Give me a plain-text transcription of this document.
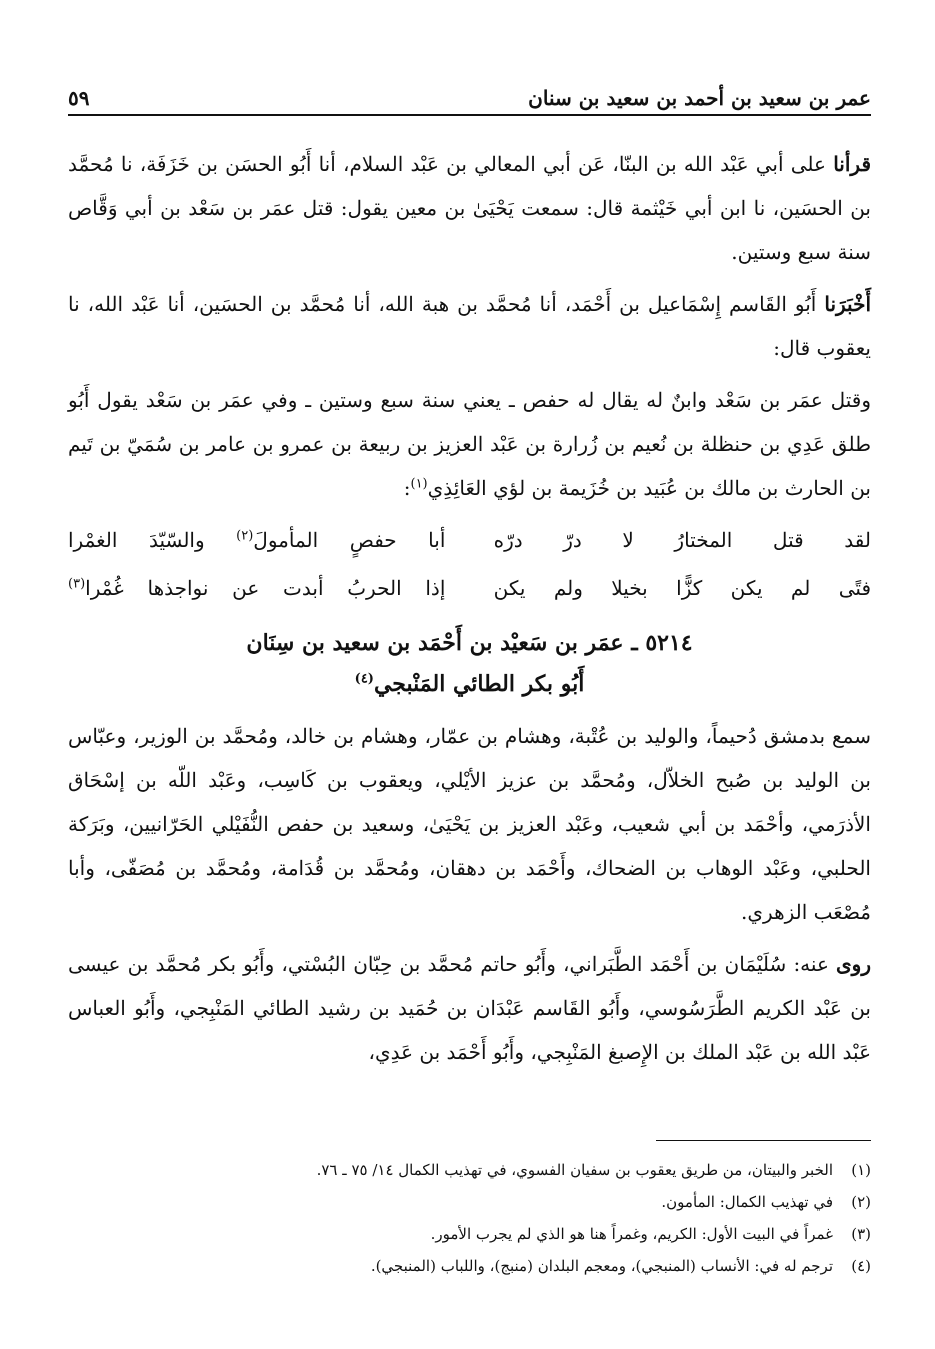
عمر بن سعيد بن أحمد بن سعيد بن سنان
٥٩

قرأنا على أبي عَبْد الله بن البنّا، عَن أبي المعالي بن عَبْد السلام، أنا أَبُو الحسَن بن خَزَفَة، نا مُحمَّد بن الحسَين، نا ابن أبي خَيْثمة قال: سمعت يَحْيَىٰ بن معين يقول: قتل عمَر بن سَعْد بن أبي وَقَّاص سنة سبع وستين.

أَخْبَرَنا أَبُو القَاسم إِسْمَاعيل بن أَحْمَد، أنا مُحمَّد بن هبة الله، أنا مُحمَّد بن الحسَين، أنا عَبْد الله، نا يعقوب قال:

وقتل عمَر بن سَعْد وابنٌ له يقال له حفص ـ يعني سنة سبع وستين ـ وفي عمَر بن سَعْد يقول أَبُو طلق عَدِي بن حنظلة بن نُعيم بن زُرارة بن عَبْد العزيز بن ربيعة بن عمرو بن عامر بن سُمَيّ بن تَيم بن الحارث بن مالك بن عُبَيد بن خُزَيمة بن لؤي العَائِذِي$^{(١)}$:

لقد قتل المختارُ لا درّ درّه
أبا حفصٍ المأمولَ$^{(٢)}$ والسّيّدَ الغمْرا
فتًى لم يكن كزًّا بخيلا ولم يكن
إذا الحربُ أبدت عن نواجذها غُمْرا$^{(٣)}$
٥٢١٤ ـ عمَر بن سَعيْد بن أَحْمَد بن سعيد بن سِنَان
أَبُو بكر الطائي المَنْبجي$^{(٤)}$

سمع بدمشق دُحيماً، والوليد بن عُتْبة، وهشام بن عمّار، وهشام بن خالد، ومُحمَّد بن الوزير، وعبّاس بن الوليد بن صُبح الخلاّل، ومُحمَّد بن عزيز الأيْلي، ويعقوب بن كَاسِب، وعَبْد اللّه بن إسْحَاق الأذرَمي، وأحْمَد بن أبي شعيب، وعَبْد العزيز بن يَحْيَىٰ، وسعيد بن حفص النُّفَيْلي الحَرّانيين، وبَرَكة الحلبي، وعَبْد الوهاب بن الضحاك، وأَحْمَد بن دهقان، ومُحمَّد بن قُدَامة، ومُحمَّد بن مُصَفّى، وأبا مُصْعَب الزهري.

روى عنه: سُلَيْمَان بن أَحْمَد الطَّبَراني، وأَبُو حاتم مُحمَّد بن حِبّان البُسْتي، وأَبُو بكر مُحمَّد بن عيسى بن عَبْد الكريم الطَّرَسُوسي، وأَبُو القَاسم عَبْدَان بن حُمَيد بن رشيد الطائي المَنْبِجي، وأَبُو العباس عَبْد الله بن عَبْد الملك بن الإِصبغ المَنْبِجي، وأَبُو أَحْمَد بن عَدِي،

(١)
الخبر والبيتان، من طريق يعقوب بن سفيان الفسوي، في تهذيب الكمال ١٤/ ٧٥ ـ ٧٦.
(٢)
في تهذيب الكمال: المأمون.
(٣)
غمراً في البيت الأول: الكريم، وغمراً هنا هو الذي لم يجرب الأمور.
(٤)
ترجم له في: الأنساب (المنبجي)، ومعجم البلدان (منبج)، واللباب (المنبجي).
